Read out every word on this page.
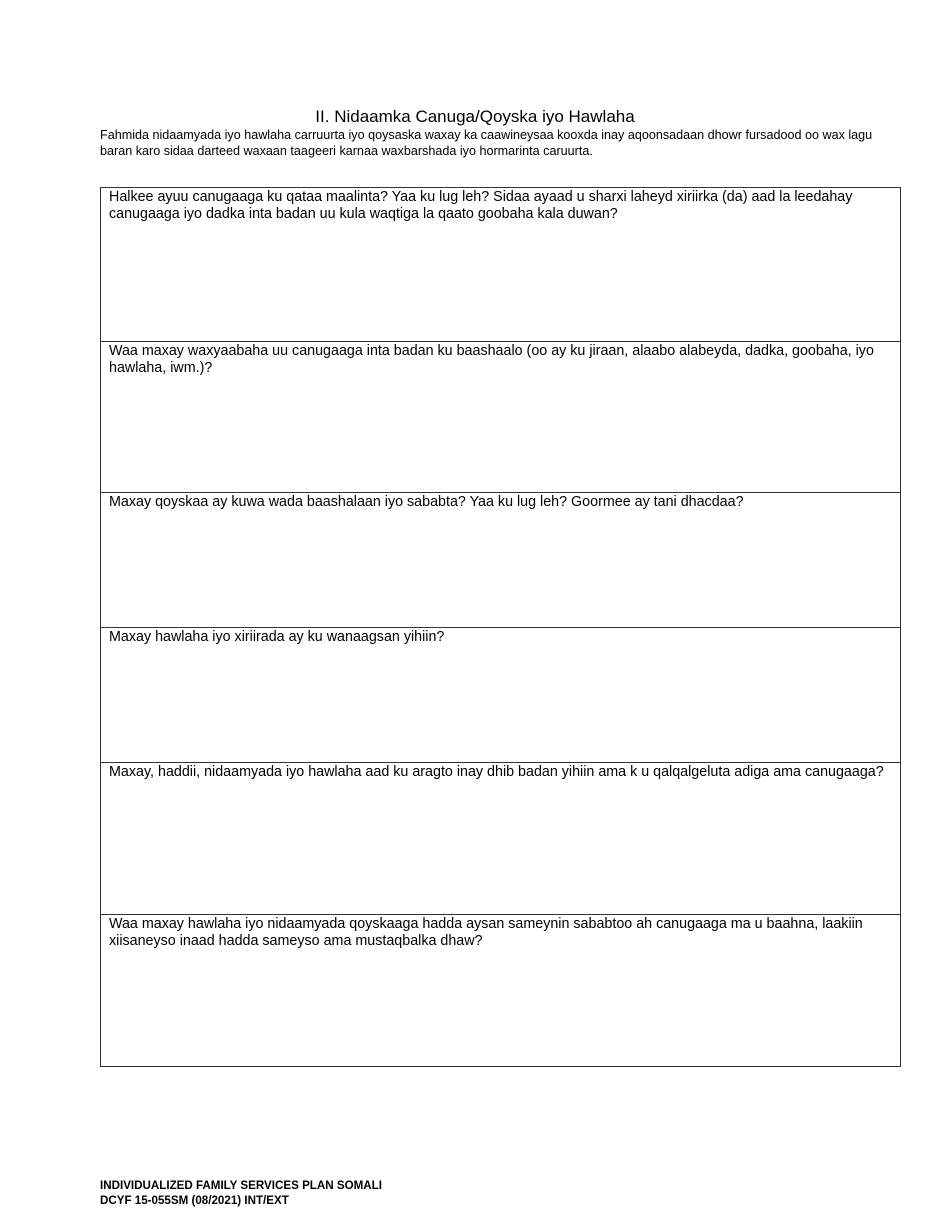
II. Nidaamka Canuga/Qoyska iyo Hawlaha
Fahmida nidaamyada iyo hawlaha carruurta iyo qoysaska waxay ka caawineysaa kooxda inay aqoonsadaan dhowr fursadood oo wax lagu baran karo sidaa darteed waxaan taageeri karnaa waxbarshada iyo hormarinta caruurta.
Halkee ayuu canugaaga ku qataa maalinta? Yaa ku lug leh? Sidaa ayaad u sharxi laheyd xiriirka (da) aad la leedahay canugaaga iyo dadka inta badan uu kula waqtiga la qaato goobaha kala duwan?
Waa maxay waxyaabaha uu canugaaga inta badan ku baashaalo (oo ay ku jiraan, alaabo alabeyda, dadka, goobaha, iyo hawlaha, iwm.)?
Maxay qoyskaa ay kuwa wada baashalaan iyo sababta? Yaa ku lug leh? Goormee ay tani dhacdaa?
Maxay hawlaha iyo xiriirada ay ku wanaagsan yihiin?
Maxay, haddii, nidaamyada iyo hawlaha aad ku aragto inay dhib badan yihiin ama k u qalqalgeluta adiga ama canugaaga?
Waa maxay hawlaha iyo nidaamyada qoyskaaga hadda aysan sameynin sababtoo ah canugaaga ma u baahna, laakiin xiisaneyso inaad hadda sameyso ama mustaqbalka dhaw?
INDIVIDUALIZED FAMILY SERVICES PLAN SOMALI
DCYF 15-055SM (08/2021) INT/EXT
